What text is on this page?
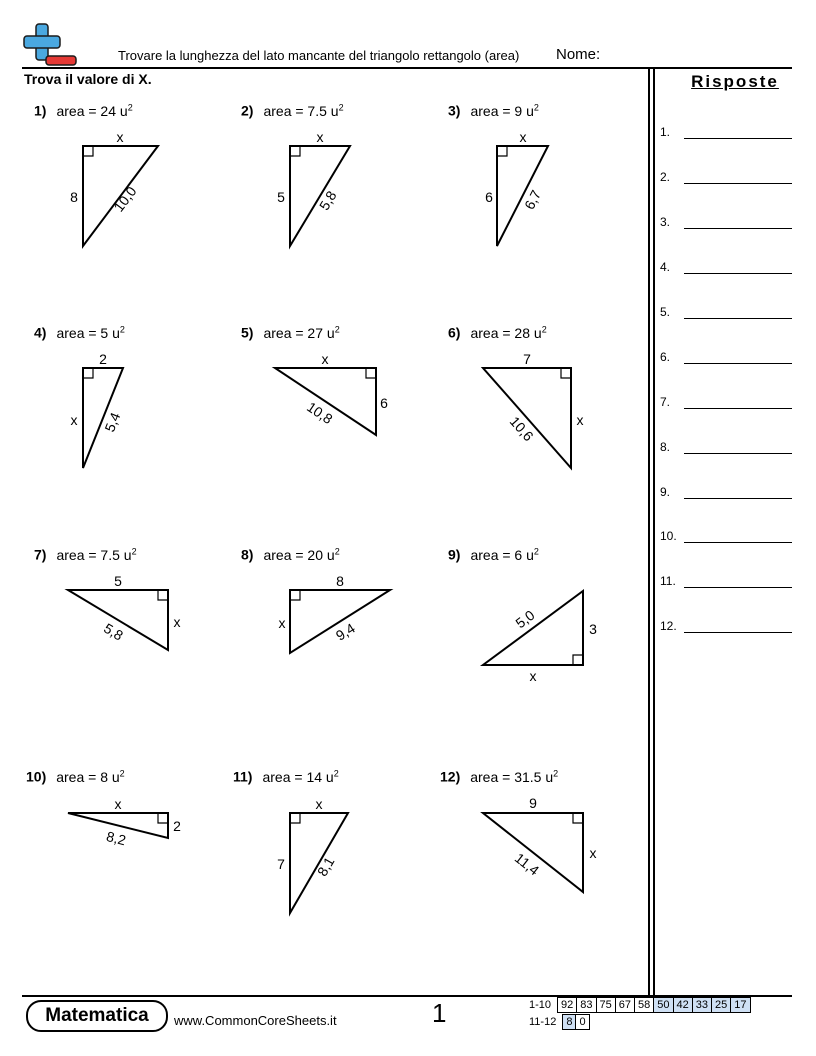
Trovare la lunghezza del lato mancante del triangolo rettangolo (area) Nome:
Trova il valore di X.	Risposte
1.
2.
3.
4.
5.
6.
7.
8.
9.
10.
11.
12.
1) area = 24 $u^2$	2) area = 7.5 $u^2$	3) area = 9 $u^2$
4) area = 5 $u^2$	5) area = 27 $u^2$	6) area = 28 $u^2$
7) area = 7.5 $u^2$	8) area = 20 $u^2$	9) area = 6 $u^2$
10) area = 8 $u^2$	11) area = 14 $u^2$	12) area = 31.5 $u^2$
x
8 10,0
x
5 5,8
x
6 6,7
2
x 5,4
x
6
10,8
7
x
10,6
5
x
5,8
8
x	9,4
5,0	3
x
x
2
8,2
x
7 8,1
9
x
11,4
Matematica	www.CommonCoreSheets.it	1	1-10	92	83	75	67	58	50	42	33	25	17
11-12	8	0
